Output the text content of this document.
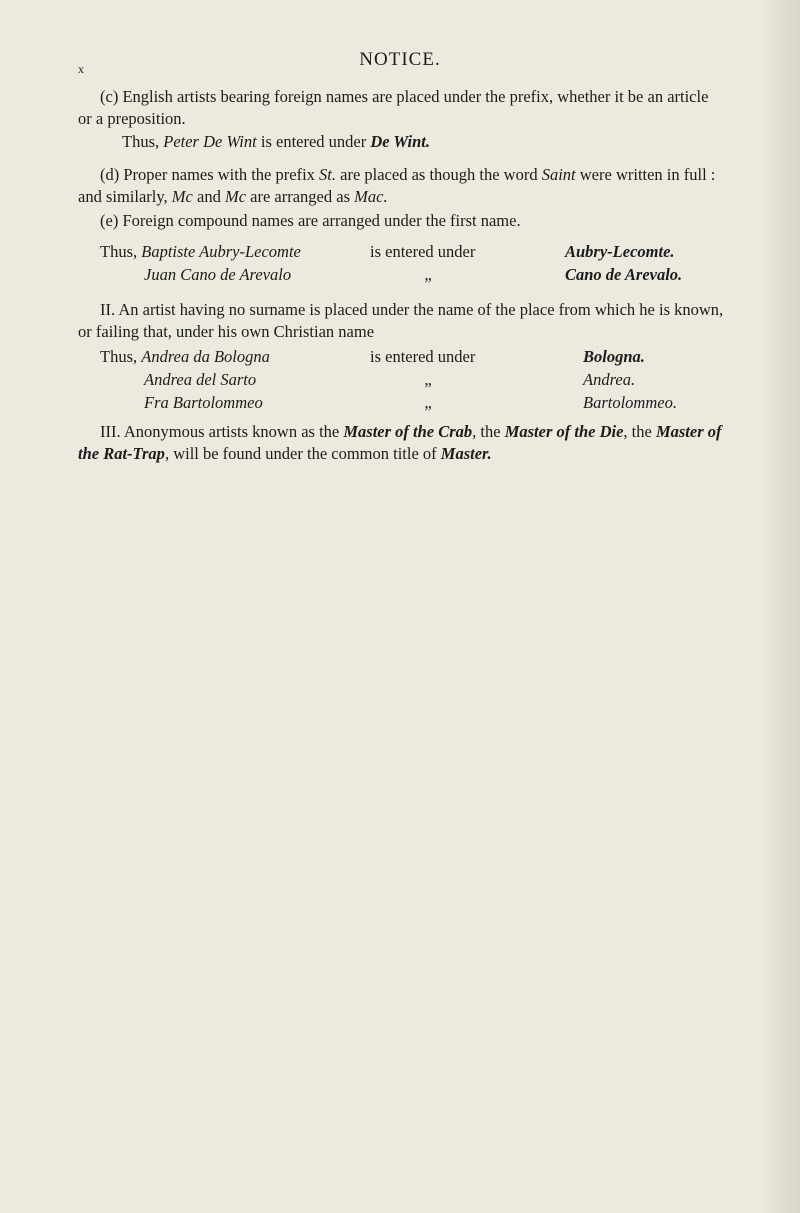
x	NOTICE.
(c) English artists bearing foreign names are placed under the prefix, whether it be an article or a preposition.
Thus, Peter De Wint is entered under De Wint.
(d) Proper names with the prefix St. are placed as though the word Saint were written in full : and similarly, Mc and Mc are arranged as Mac.
(e) Foreign compound names are arranged under the first name.
Thus, Baptiste Aubry-Lecomte	is entered under	Aubry-Lecomte.
Juan Cano de Arevalo	„	Cano de Arevalo.
II. An artist having no surname is placed under the name of the place from which he is known, or failing that, under his own Christian name
Thus, Andrea da Bologna	is entered under	Bologna.
Andrea del Sarto	„	Andrea.
Fra Bartolommeo	„	Bartolommeo.
III. Anonymous artists known as the Master of the Crab, the Master of the Die, the Master of the Rat-Trap, will be found under the common title of Master.
